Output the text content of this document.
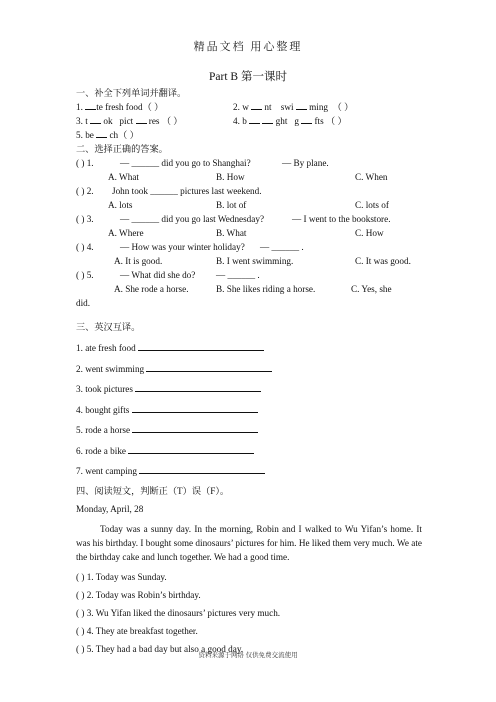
精品文档 用心整理
Part B 第一课时
一、补全下列单词并翻译。
1. te fresh food（ ）	2. w nt swi ming （ ）
3. t ok pict res （ ）	4. b	ght g fts （ ）
5. be ch（ ）
二、选择正确的答案。
( ) 1.	— ______ did you go to Shanghai?	— By plane.
A. What	B. How	C. When
( ) 2. John took ______ pictures last weekend.
A. lots	B. lot of	C. lots of
( ) 3.	— ______ did you go last Wednesday?	— I went to the bookstore.
A. Where	B. What	C. How
( ) 4.	— How was your winter holiday? — ______ .
A. It is good.	B. I went swimming.	C. It was good.
( ) 5.	— What did she do? — ______ .
A. She rode a horse.	B. She likes riding a horse.	C. Yes, she
did.
三、英汉互译。
1. ate fresh food
2. went swimming
3. took pictures
4. bought gifts
5. rode a horse
6. rode a bike
7. went camping
四、阅读短文，判断正（T）误（F）。
Monday, April, 28
Today was a sunny day. In the morning, Robin and I walked to Wu Yifan’s home. It was his birthday. I bought some dinosaurs’ pictures for him. He liked them very much. We ate the birthday cake and lunch together. We had a good time.
( ) 1. Today was Sunday.
( ) 2. Today was Robin’s birthday.
( ) 3. Wu Yifan liked the dinosaurs’ pictures very much.
( ) 4. They ate breakfast together.
( ) 5. They had a bad day but also a good day.
资料来源于网络 仅供免费交流使用
